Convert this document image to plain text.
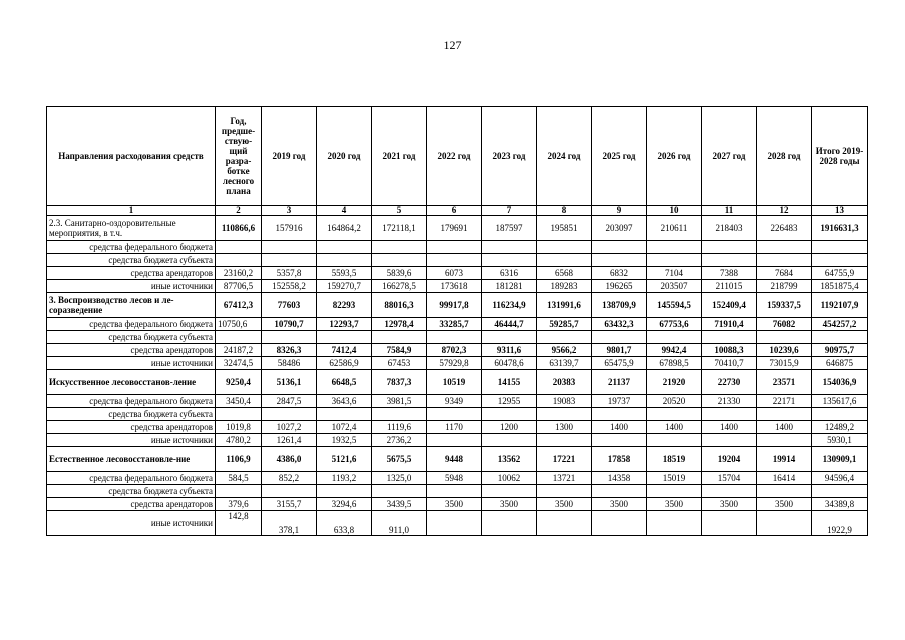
127
Направления расходования средств	Год, предше-ствую-щий разра-ботке лесного плана	2019 год	2020 год	2021 год	2022 год	2023 год	2024 год	2025 год	2026 год	2027 год	2028 год	Итого 2019-2028 годы
1	2	3	4	5	6	7	8	9	10	11	12	13
2.3. Санитарно-оздоровительные мероприятия, в т.ч.	110866,6	157916	164864,2	172118,1	179691	187597	195851	203097	210611	218403	226483	1916631,3
средства федерального бюджета												
средства бюджета субъекта												
средства арендаторов	23160,2	5357,8	5593,5	5839,6	6073	6316	6568	6832	7104	7388	7684	64755,9
иные источники	87706,5	152558,2	159270,7	166278,5	173618	181281	189283	196265	203507	211015	218799	1851875,4
3. Воспроизводство лесов и ле-соразведение	67412,3	77603	82293	88016,3	99917,8	116234,9	131991,6	138709,9	145594,5	152409,4	159337,5	1192107,9
средства федерального бюджета	10750,6	10790,7	12293,7	12978,4	33285,7	46444,7	59285,7	63432,3	67753,6	71910,4	76082	454257,2
средства бюджета субъекта												
средства арендаторов	24187,2	8326,3	7412,4	7584,9	8702,3	9311,6	9566,2	9801,7	9942,4	10088,3	10239,6	90975,7
иные источники	32474,5	58486	62586,9	67453	57929,8	60478,6	63139,7	65475,9	67898,5	70410,7	73015,9	646875
Искусственное лесовосстанов-ление	9250,4	5136,1	6648,5	7837,3	10519	14155	20383	21137	21920	22730	23571	154036,9
средства федерального бюджета	3450,4	2847,5	3643,6	3981,5	9349	12955	19083	19737	20520	21330	22171	135617,6
средства бюджета субъекта												
средства арендаторов	1019,8	1027,2	1072,4	1119,6	1170	1200	1300	1400	1400	1400	1400	12489,2
иные источники	4780,2	1261,4	1932,5	2736,2								5930,1
Естественное лесовосстановле-ние	1106,9	4386,0	5121,6	5675,5	9448	13562	17221	17858	18519	19204	19914	130909,1
средства федерального бюджета	584,5	852,2	1193,2	1325,0	5948	10062	13721	14358	15019	15704	16414	94596,4
средства бюджета субъекта												
средства арендаторов	379,6	3155,7	3294,6	3439,5	3500	3500	3500	3500	3500	3500	3500	34389,8
иные источники	142,8	378,1	633,8	911,0								1922,9
